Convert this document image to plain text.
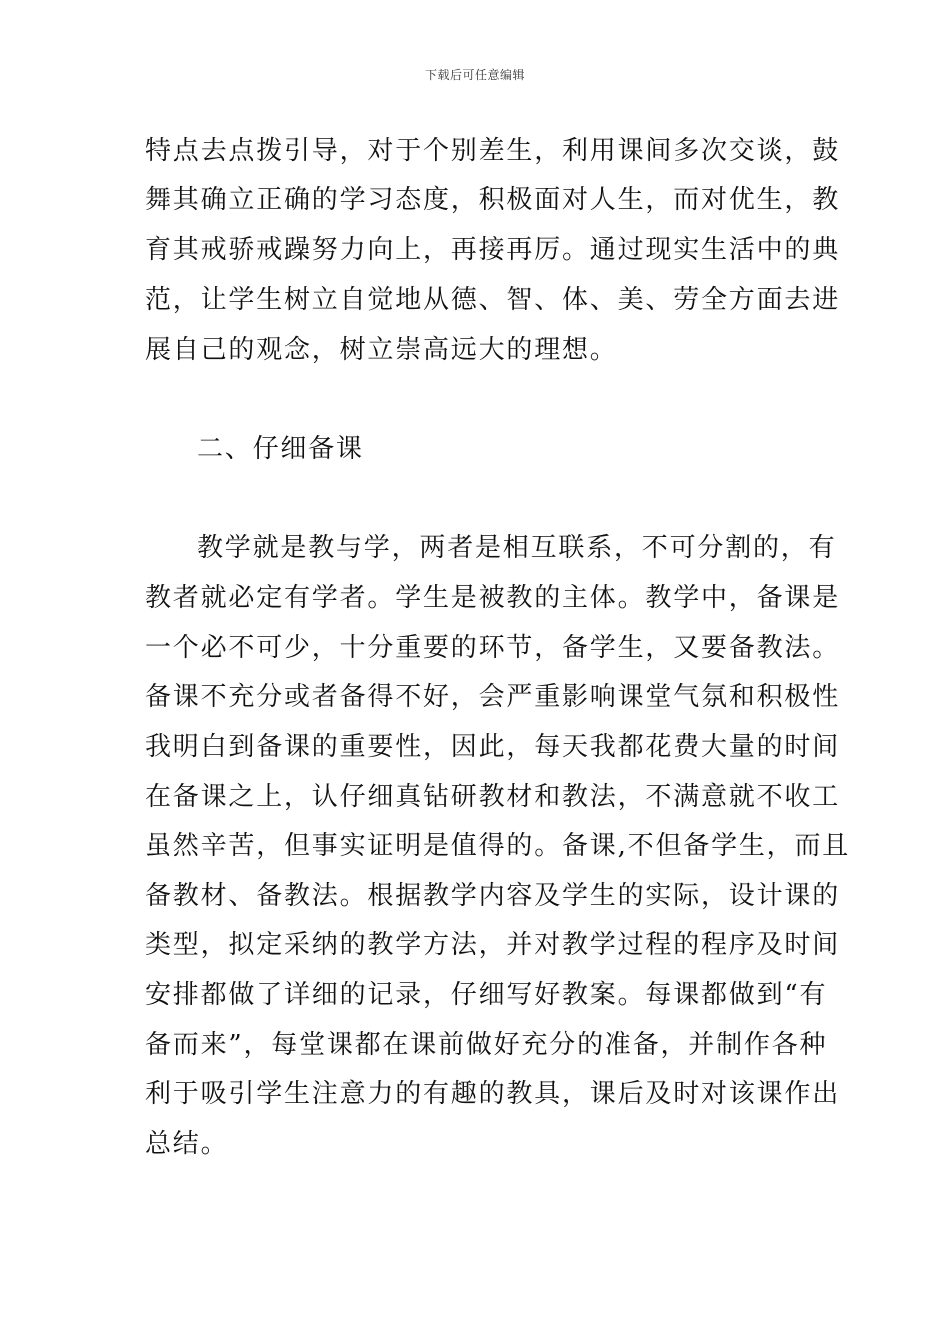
下载后可任意编辑
特点去点拨引导，对于个别差生，利用课间多次交谈，鼓
舞其确立正确的学习态度，积极面对人生，而对优生，教
育其戒骄戒躁努力向上，再接再厉。通过现实生活中的典
范，让学生树立自觉地从德、智、体、美、劳全方面去进
展自己的观念，树立崇高远大的理想。
二、仔细备课
教学就是教与学，两者是相互联系，不可分割的，有
教者就必定有学者。学生是被教的主体。教学中，备课是
一个必不可少，十分重要的环节，备学生，又要备教法。
备课不充分或者备得不好，会严重影响课堂气氛和积极性
我明白到备课的重要性，因此，每天我都花费大量的时间
在备课之上，认仔细真钻研教材和教法，不满意就不收工
虽然辛苦，但事实证明是值得的。备课,不但备学生，而且
备教材、备教法。根据教学内容及学生的实际，设计课的
类型，拟定采纳的教学方法，并对教学过程的程序及时间
安排都做了详细的记录，仔细写好教案。每课都做到“有
备而来”，每堂课都在课前做好充分的准备，并制作各种
利于吸引学生注意力的有趣的教具，课后及时对该课作出
总结。
